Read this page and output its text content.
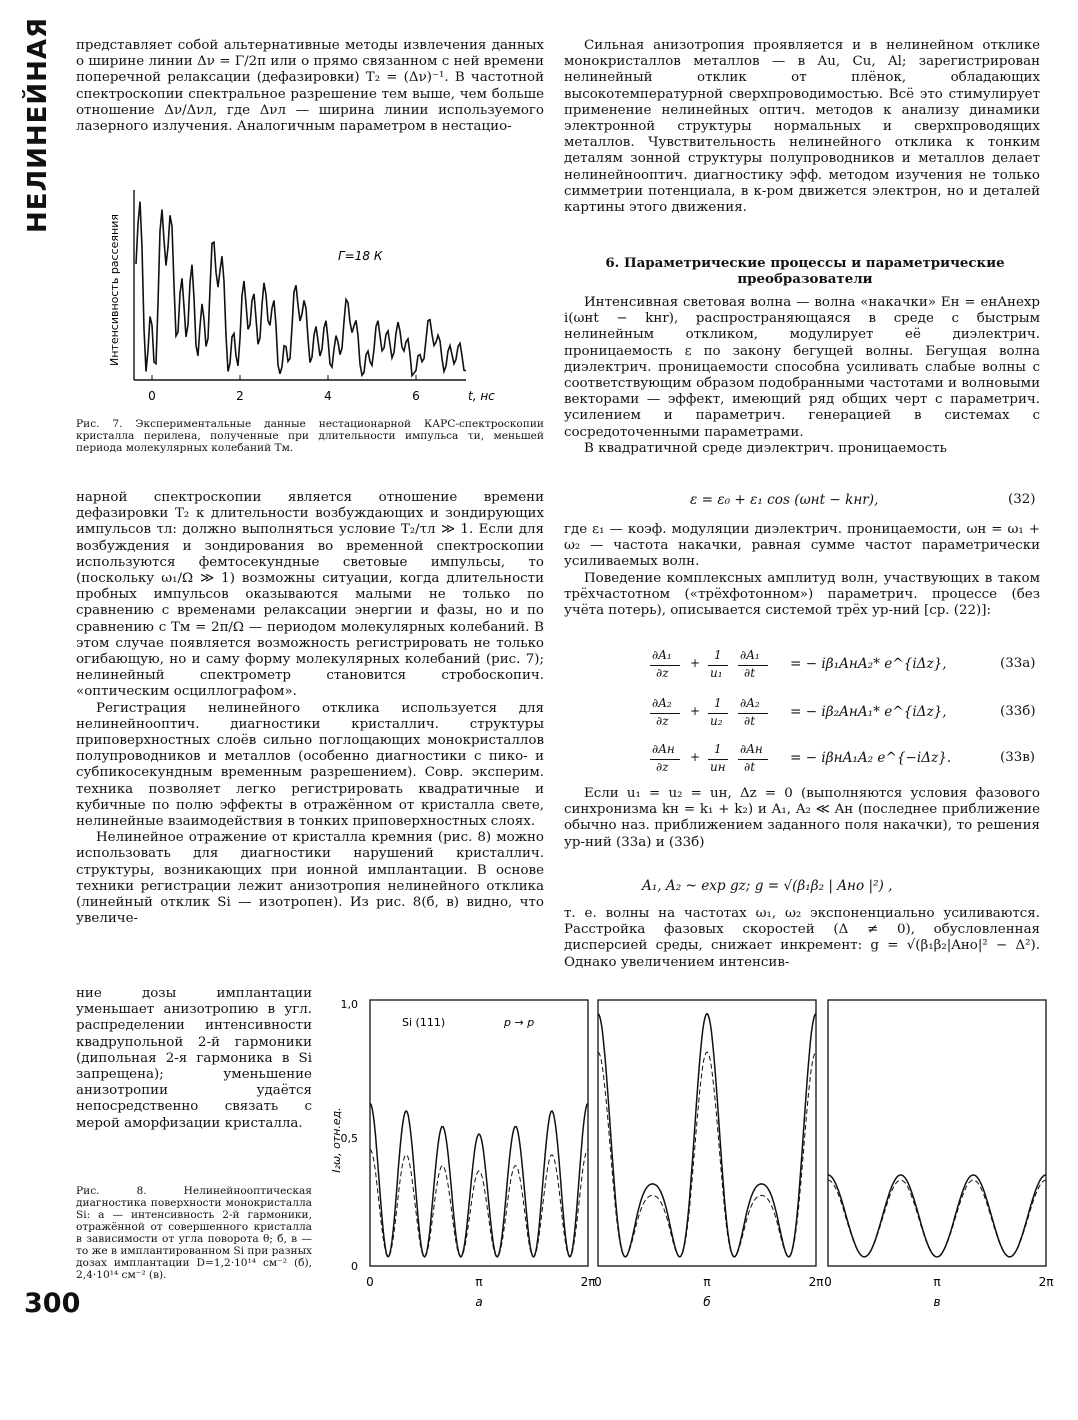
НЕЛИНЕЙНАЯ
300

представляет собой альтернативные методы извлечения данных о ширине линии Δν = Γ/2π или о прямо связанном с ней времени поперечной релаксации (дефазировки) T₂ = (Δν)⁻¹. В частотной спектроскопии спектральное разрешение тем выше, чем больше отношение Δν/Δνл, где Δνл — ширина линии используемого лазерного излучения. Аналогичным параметром в нестацио-

Интенсивность рассеяния
0	2	4	6
Г=18 К
t, нс
Рис. 7. Экспериментальные данные нестационарной КАРС-спектроскопии кристалла перилена, полученные при длительности импульса τи, меньшей периода молекулярных колебаний Tм.

нарной спектроскопии является отношение времени дефазировки T₂ к длительности возбуждающих и зондирующих импульсов τл: должно выполняться условие T₂/τл ≫ 1. Если для возбуждения и зондирования во временной спектроскопии используются фемтосекундные световые импульсы, то (поскольку ω₁/Ω ≫ 1) возможны ситуации, когда длительности пробных импульсов оказываются малыми не только по сравнению с временами релаксации энергии и фазы, но и по сравнению с Tм = 2π/Ω — периодом молекулярных колебаний. В этом случае появляется возможность регистрировать не только огибающую, но и саму форму молекулярных колебаний (рис. 7); нелинейный спектрометр становится стробоскопич. «оптическим осциллографом».

Регистрация нелинейного отклика используется для нелинейнооптич. диагностики кристаллич. структуры приповерхностных слоёв сильно поглощающих монокристаллов полупроводников и металлов (особенно диагностики с пико- и субпикосекундным временным разрешением). Совр. эксперим. техника позволяет легко регистрировать квадратичные и кубичные по полю эффекты в отражённом от кристалла свете, нелинейные взаимодействия в тонких приповерхностных слоях.

Нелинейное отражение от кристалла кремния (рис. 8) можно использовать для диагностики нарушений кристаллич. структуры, возникающих при ионной имплантации. В основе техники регистрации лежит анизотропия нелинейного отклика (линейный отклик Si — изотропен). Из рис. 8(б, в) видно, что увеличе-

ние дозы имплантации уменьшает анизотропию в угл. распределении интенсивности квадрупольной 2-й гармоники (дипольная 2-я гармоника в Si запрещена); уменьшение анизотропии удаётся непосредственно связать с мерой аморфизации кристалла.

Рис. 8. Нелинейнооптическая диагностика поверхности монокристалла Si: а — интенсивность 2-й гармоники, отражённой от совершенного кристалла в зависимости от угла поворота θ; б, в — то же в имплантированном Si при разных дозах имплантации D=1,2·10¹⁴ см⁻² (б), 2,4·10¹⁴ см⁻² (в).
I₂ω, отн.ед.
1,0
0,5
0
0	π	2π
а
0	π	2π
б
0	π	2π
в
Si (111)	p → p

Сильная анизотропия проявляется и в нелинейном отклике монокристаллов металлов — в Au, Cu, Al; зарегистрирован нелинейный отклик от плёнок, обладающих высокотемпературной сверхпроводимостью. Всё это стимулирует применение нелинейных оптич. методов к анализу динамики электронной структуры нормальных и сверхпроводящих металлов. Чувствительность нелинейного отклика к тонким деталям зонной структуры полупроводников и металлов делает нелинейнооптич. диагностику эфф. методом изучения не только симметрии потенциала, в к-ром движется электрон, но и деталей картины этого движения.

6. Параметрические процессы и параметрические преобразователи

Интенсивная световая волна — волна «накачки» Eн = eнAнexp i(ωнt − kнr), распространяющаяся в среде с быстрым нелинейным откликом, модулирует её диэлектрич. проницаемость ε по закону бегущей волны. Бегущая волна диэлектрич. проницаемости способна усиливать слабые волны с соответствующим образом подобранными частотами и волновыми векторами — эффект, имеющий ряд общих черт с параметрич. усилением и параметрич. генерацией в системах с сосредоточенными параметрами.

В квадратичной среде диэлектрич. проницаемость

ε = ε₀ + ε₁ cos (ωнt − kнr),	(32)

где ε₁ — коэф. модуляции диэлектрич. проницаемости, ωн = ω₁ + ω₂ — частота накачки, равная сумме частот параметрически усиливаемых волн.

Поведение комплексных амплитуд волн, участвующих в таком трёхчастотном («трёхфотонном») параметрич. процессе (без учёта потерь), описывается системой трёх ур-ний [ср. (22)]:

∂A₁
∂z
+
1
u₁
∂A₁
∂t
= − iβ₁AнA₂* e^{iΔz},	(33а)
∂A₂
∂z
+
1
u₂
∂A₂
∂t
= − iβ₂AнA₁* e^{iΔz},	(33б)
∂Aн
∂z
+
1
uн
∂Aн
∂t
= − iβнA₁A₂ e^{−iΔz}.	(33в)

Если u₁ = u₂ = uн, Δz = 0 (выполняются условия фазового синхронизма kн = k₁ + k₂) и A₁, A₂ ≪ Aн (последнее приближение обычно наз. приближением заданного поля накачки), то решения ур-ний (33а) и (33б)

A₁, A₂ ~ exp gz; g = √(β₁β₂ | Aнo |²) ,

т. е. волны на частотах ω₁, ω₂ экспоненциально усиливаются. Расстройка фазовых скоростей (Δ ≠ 0), обусловленная дисперсией среды, снижает инкремент: g = √(β₁β₂|Aнo|² − Δ²). Однако увеличением интенсив-
